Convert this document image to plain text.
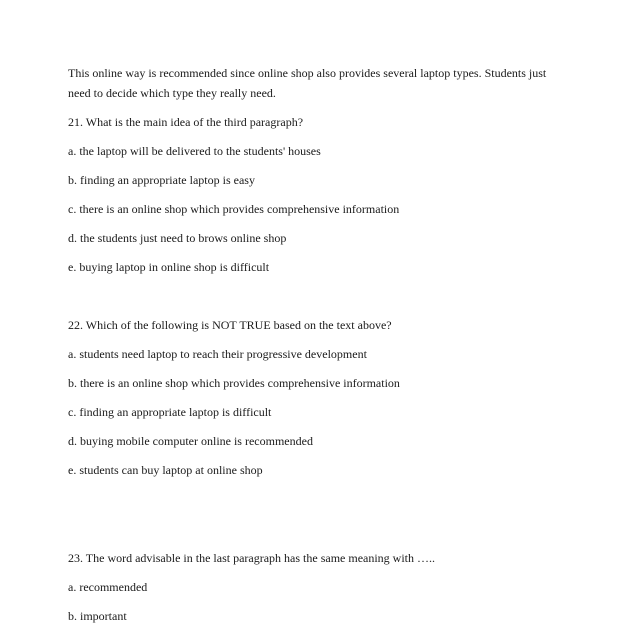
This online way is recommended since online shop also provides several laptop types. Students just
need to decide which type they really need.
21. What is the main idea of the third paragraph?
a. the laptop will be delivered to the students' houses
b. finding an appropriate laptop is easy
c. there is an online shop which provides comprehensive information
d. the students just need to brows online shop
e. buying laptop in online shop is difficult
22. Which of the following is NOT TRUE based on the text above?
a. students need laptop to reach their progressive development
b. there is an online shop which provides comprehensive information
c. finding an appropriate laptop is difficult
d. buying mobile computer online is recommended
e. students can buy laptop at online shop
23. The word advisable in the last paragraph has the same meaning with …..
a. recommended
b. important
